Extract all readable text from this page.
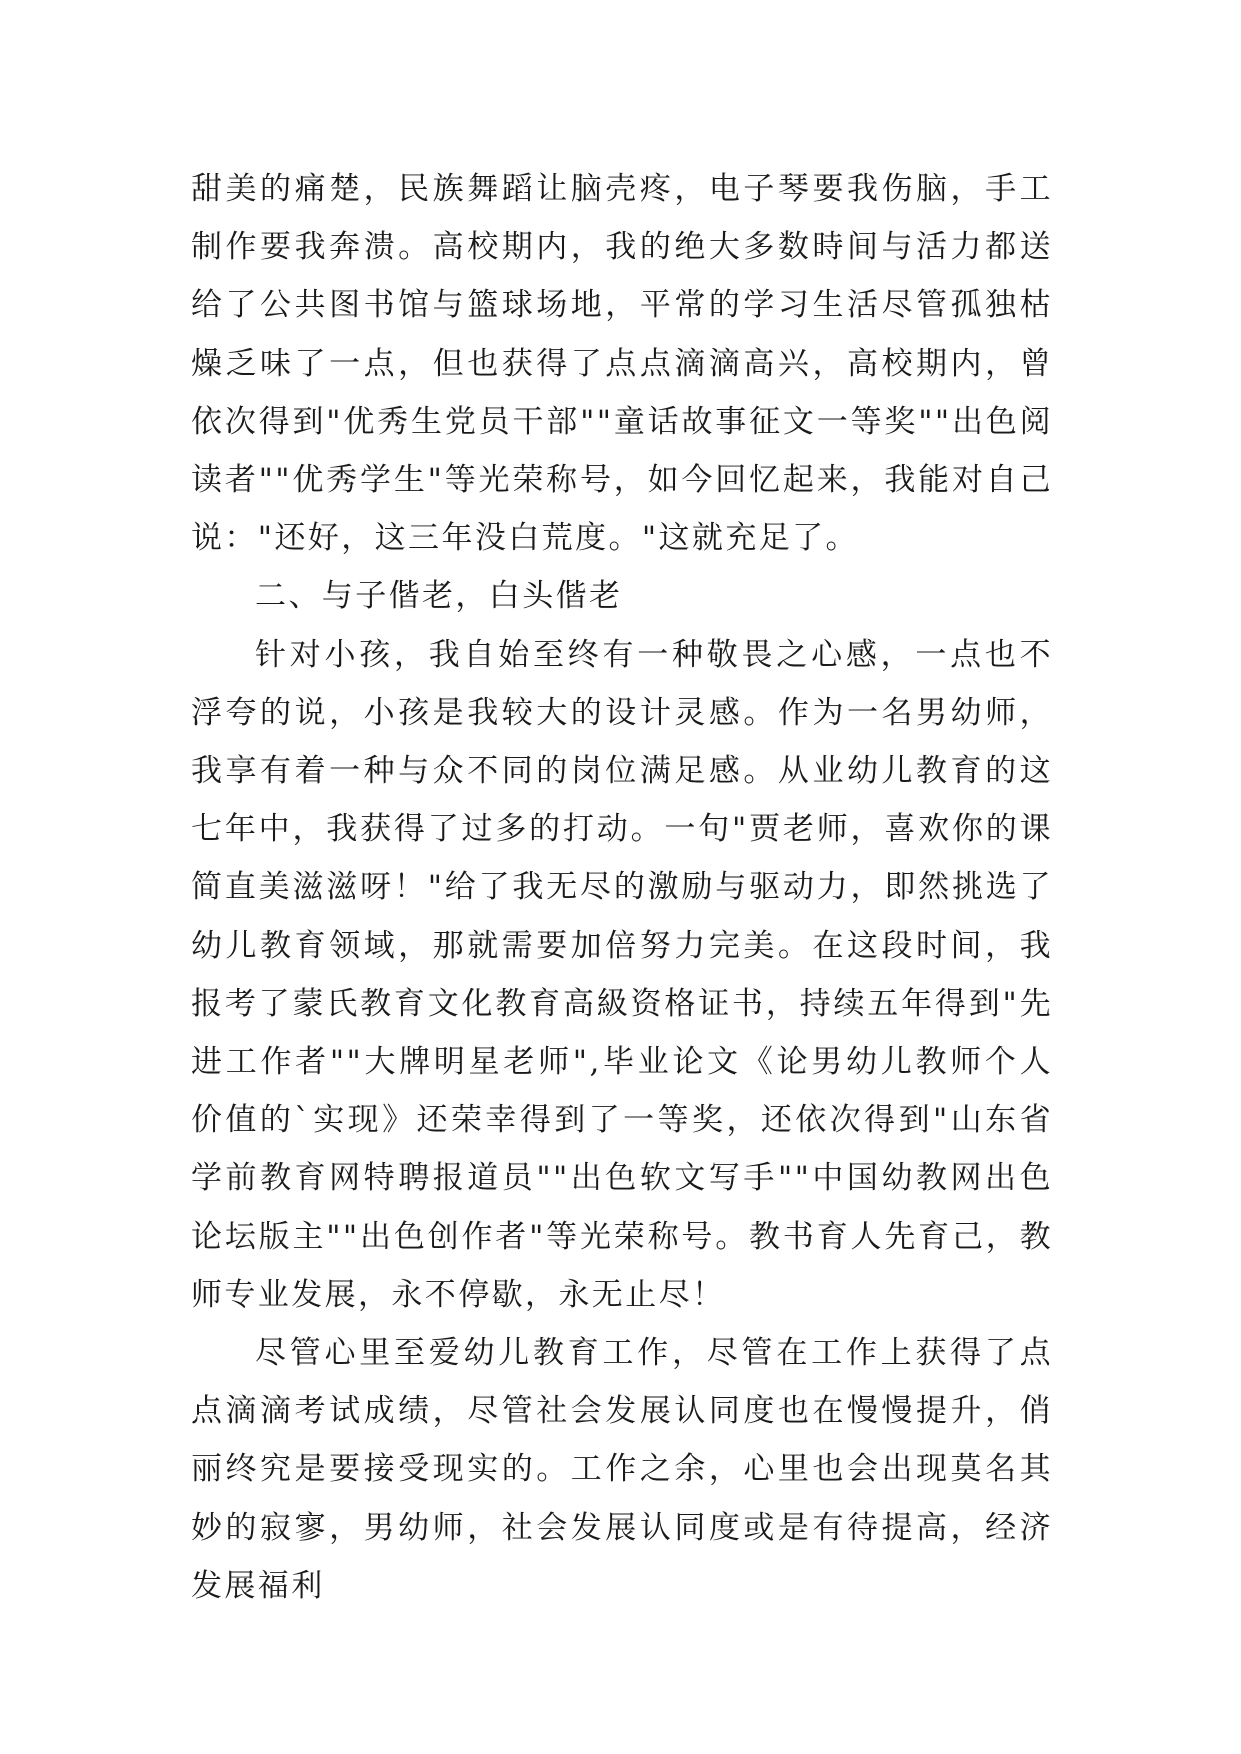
甜美的痛楚，民族舞蹈让脑壳疼，电子琴要我伤脑，手工制作要我奔溃。高校期内，我的绝大多数時间与活力都送给了公共图书馆与篮球场地，平常的学习生活尽管孤独枯燥乏味了一点，但也获得了点点滴滴高兴，高校期内，曾依次得到"优秀生党员干部""童话故事征文一等奖""出色阅读者""优秀学生"等光荣称号，如今回忆起来，我能对自己说："还好，这三年没白荒度。"这就充足了。

二、与子偕老，白头偕老

针对小孩，我自始至终有一种敬畏之心感，一点也不浮夸的说，小孩是我较大的设计灵感。作为一名男幼师，我享有着一种与众不同的岗位满足感。从业幼儿教育的这七年中，我获得了过多的打动。一句"贾老师，喜欢你的课简直美滋滋呀！"给了我无尽的激励与驱动力，即然挑选了幼儿教育领域，那就需要加倍努力完美。在这段时间，我报考了蒙氏教育文化教育高級资格证书，持续五年得到"先进工作者""大牌明星老师",毕业论文《论男幼儿教师个人价值的`实现》还荣幸得到了一等奖，还依次得到"山东省学前教育网特聘报道员""出色软文写手""中国幼教网出色论坛版主""出色创作者"等光荣称号。教书育人先育己，教师专业发展，永不停歇，永无止尽！

尽管心里至爱幼儿教育工作，尽管在工作上获得了点点滴滴考试成绩，尽管社会发展认同度也在慢慢提升，俏丽终究是要接受现实的。工作之余，心里也会出现莫名其妙的寂寥，男幼师，社会发展认同度或是有待提高，经济发展福利
